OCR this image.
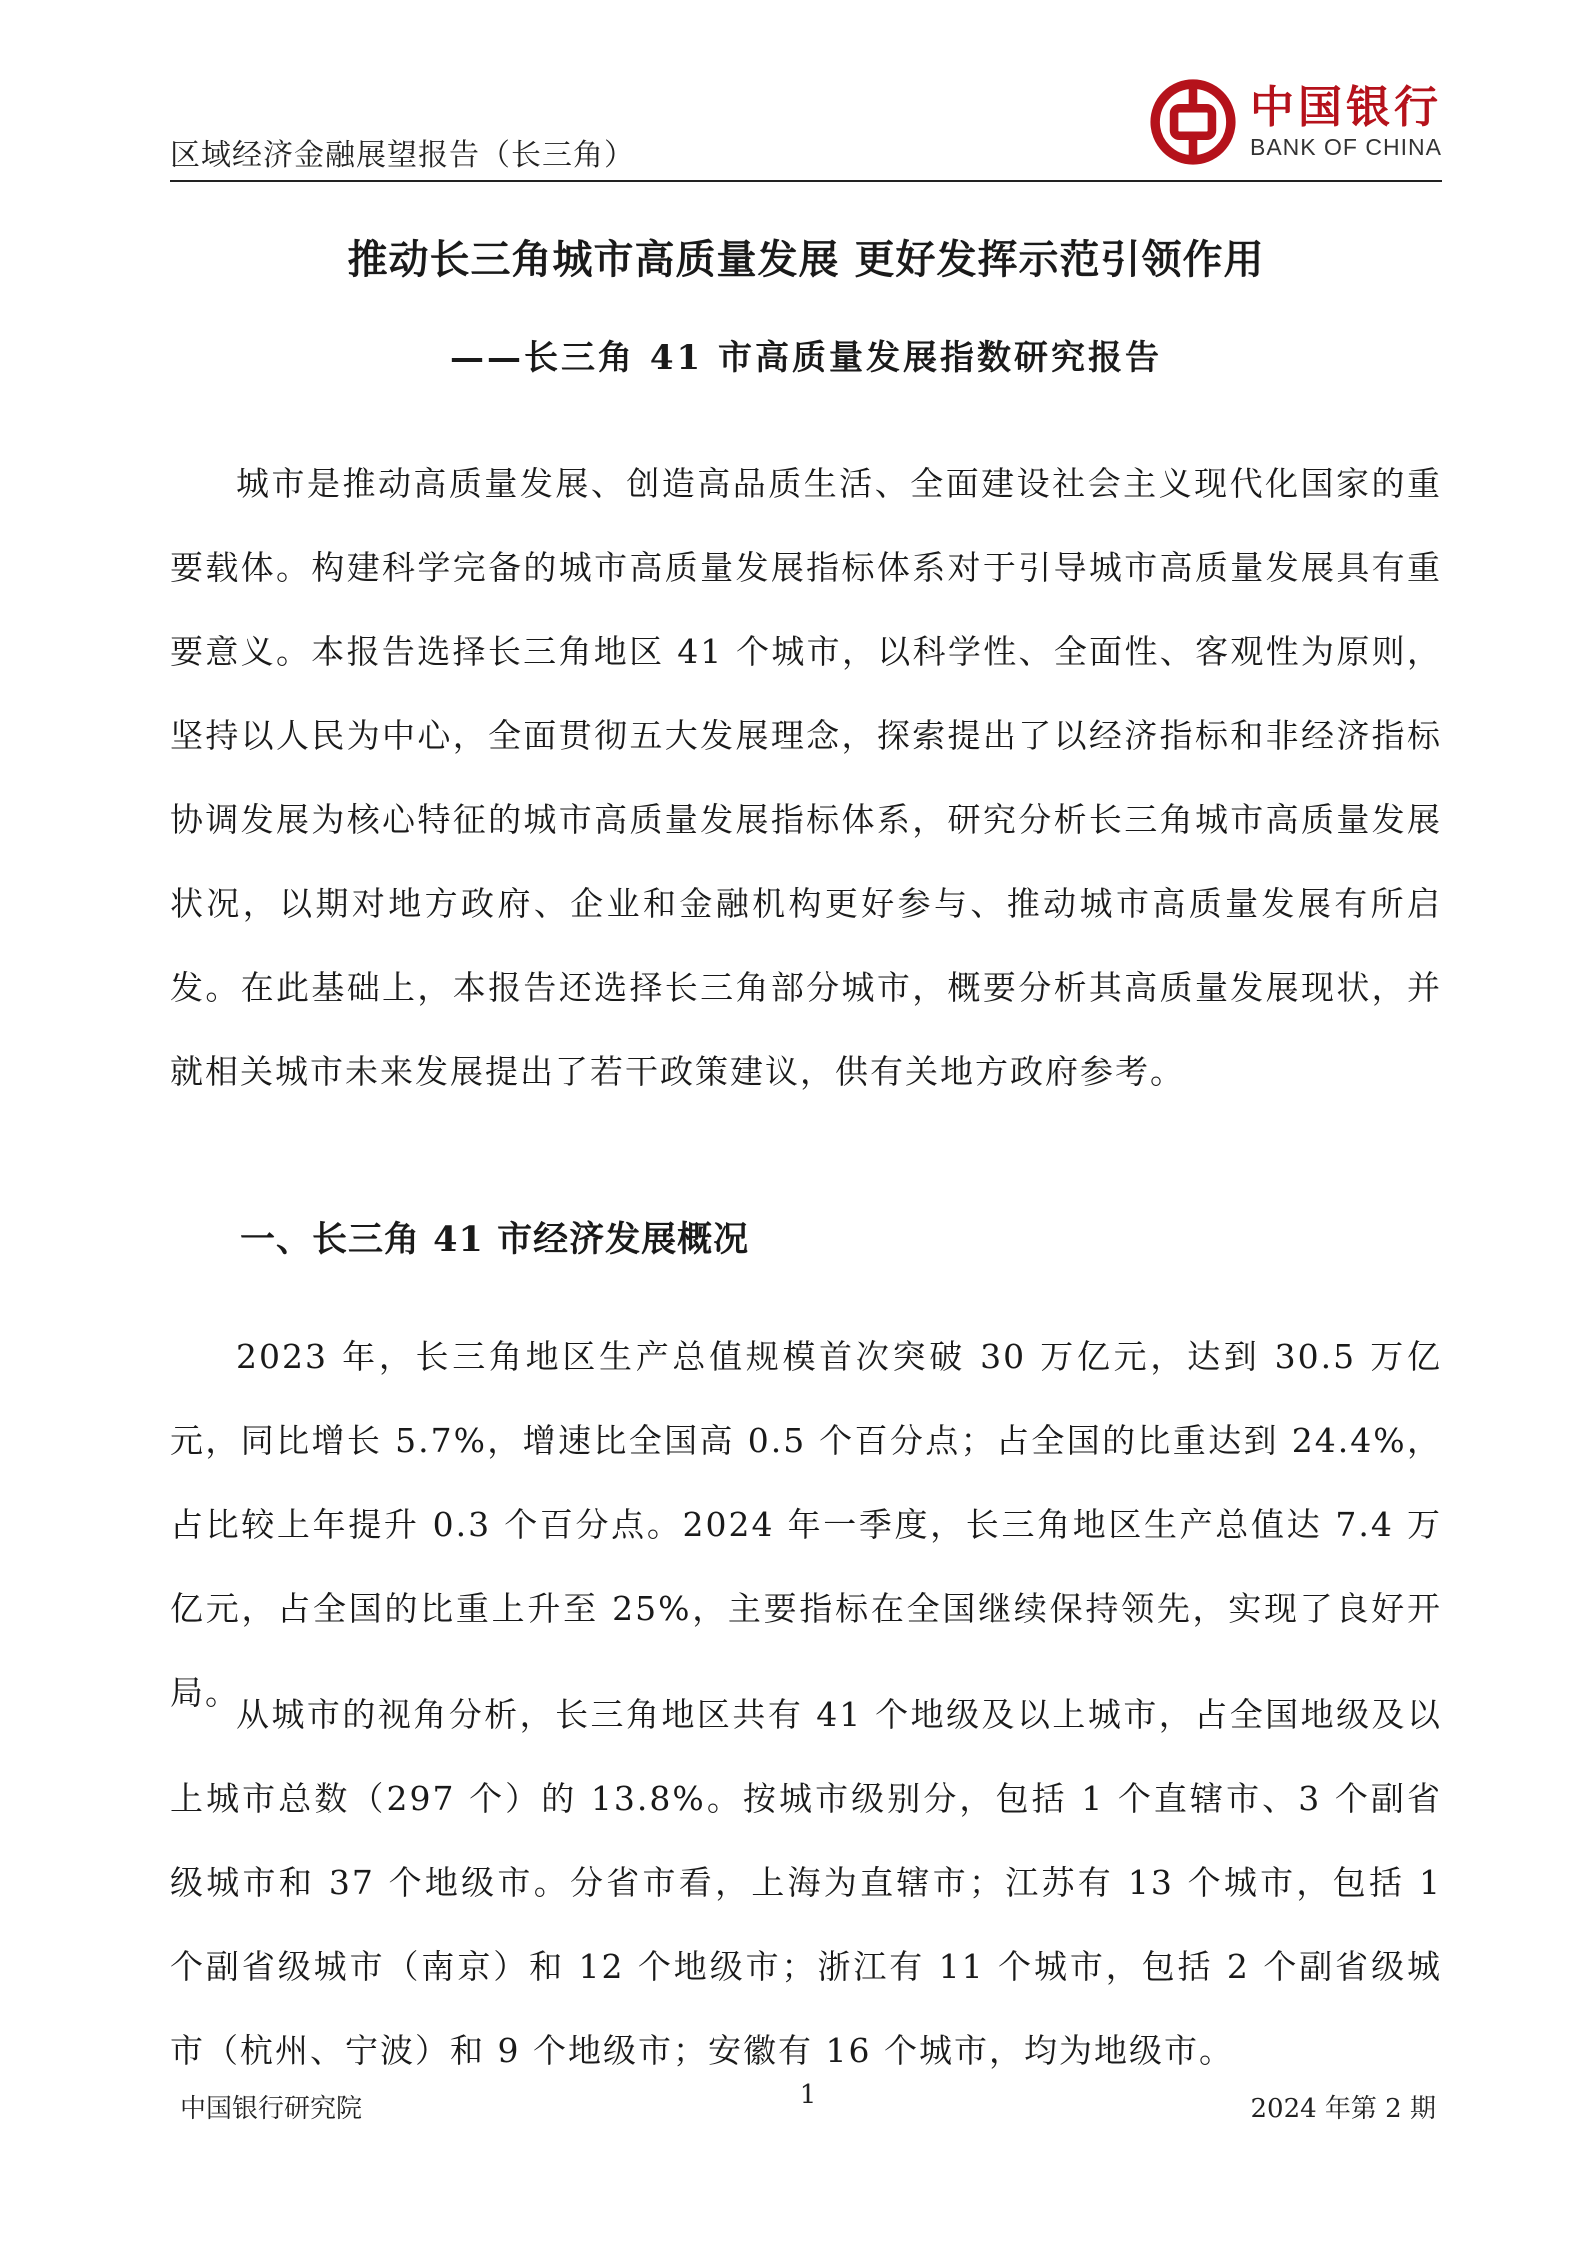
区域经济金融展望报告（长三角）
中国银行
BANK OF CHINA
推动长三角城市高质量发展 更好发挥示范引领作用
——长三角 41 市高质量发展指数研究报告

城市是推动高质量发展、创造高品质生活、全面建设社会主义现代化国家的重要载体。构建科学完备的城市高质量发展指标体系对于引导城市高质量发展具有重要意义。本报告选择长三角地区 41 个城市，以科学性、全面性、客观性为原则，坚持以人民为中心，全面贯彻五大发展理念，探索提出了以经济指标和非经济指标协调发展为核心特征的城市高质量发展指标体系，研究分析长三角城市高质量发展状况，以期对地方政府、企业和金融机构更好参与、推动城市高质量发展有所启发。在此基础上，本报告还选择长三角部分城市，概要分析其高质量发展现状，并就相关城市未来发展提出了若干政策建议，供有关地方政府参考。

一、长三角 41 市经济发展概况

2023 年，长三角地区生产总值规模首次突破 30 万亿元，达到 30.5 万亿元，同比增长 5.7%，增速比全国高 0.5 个百分点；占全国的比重达到 24.4%，占比较上年提升 0.3 个百分点。2024 年一季度，长三角地区生产总值达 7.4 万亿元，占全国的比重上升至 25%，主要指标在全国继续保持领先，实现了良好开局。

从城市的视角分析，长三角地区共有 41 个地级及以上城市，占全国地级及以上城市总数（297 个）的 13.8%。按城市级别分，包括 1 个直辖市、3 个副省级城市和 37 个地级市。分省市看，上海为直辖市；江苏有 13 个城市，包括 1 个副省级城市（南京）和 12 个地级市；浙江有 11 个城市，包括 2 个副省级城市（杭州、宁波）和 9 个地级市；安徽有 16 个城市，均为地级市。

中国银行研究院	1	2024 年第 2 期
